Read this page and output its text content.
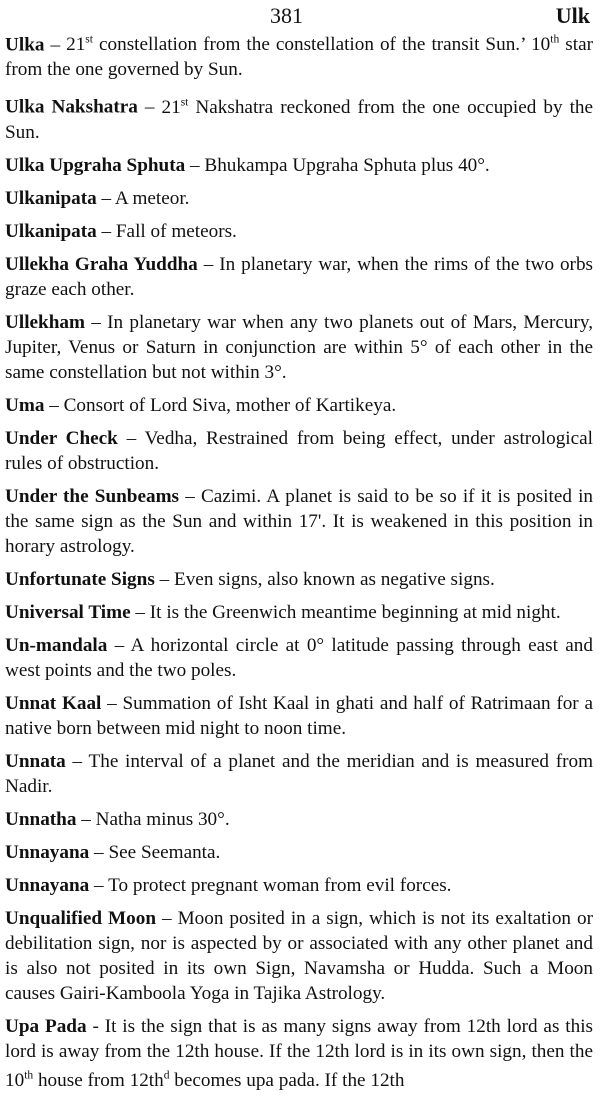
381	Ulk

Ulka – 21st constellation from the constellation of the transit Sun.’ 10th star from the one governed by Sun.

Ulka Nakshatra – 21st Nakshatra reckoned from the one occupied by the Sun.

Ulka Upgraha Sphuta – Bhukampa Upgraha Sphuta plus 40°.

Ulkanipata – A meteor.

Ulkanipata – Fall of meteors.

Ullekha Graha Yuddha – In planetary war, when the rims of the two orbs graze each other.

Ullekham – In planetary war when any two planets out of Mars, Mercury, Jupiter, Venus or Saturn in conjunction are within 5° of each other in the same constellation but not within 3°.

Uma – Consort of Lord Siva, mother of Kartikeya.

Under Check – Vedha, Restrained from being effect, under astrological rules of obstruction.

Under the Sunbeams – Cazimi. A planet is said to be so if it is posited in the same sign as the Sun and within 17'. It is weakened in this position in horary astrology.

Unfortunate Signs – Even signs, also known as negative signs.

Universal Time – It is the Greenwich meantime beginning at mid night.

Un-mandala – A horizontal circle at 0° latitude passing through east and west points and the two poles.

Unnat Kaal – Summation of Isht Kaal in ghati and half of Ratrimaan for a native born between mid night to noon time.

Unnata – The interval of a planet and the meridian and is measured from Nadir.

Unnatha – Natha minus 30°.

Unnayana – See Seemanta.

Unnayana – To protect pregnant woman from evil forces.

Unqualified Moon – Moon posited in a sign, which is not its exaltation or debilitation sign, nor is aspected by or associated with any other planet and is also not posited in its own Sign, Navamsha or Hudda. Such a Moon causes Gairi-Kamboola Yoga in Tajika Astrology.

Upa Pada - It is the sign that is as many signs away from 12th lord as this lord is away from the 12th house. If the 12th lord is in its own sign, then the 10th house from $12th^d$ becomes upa pada. If the 12th
